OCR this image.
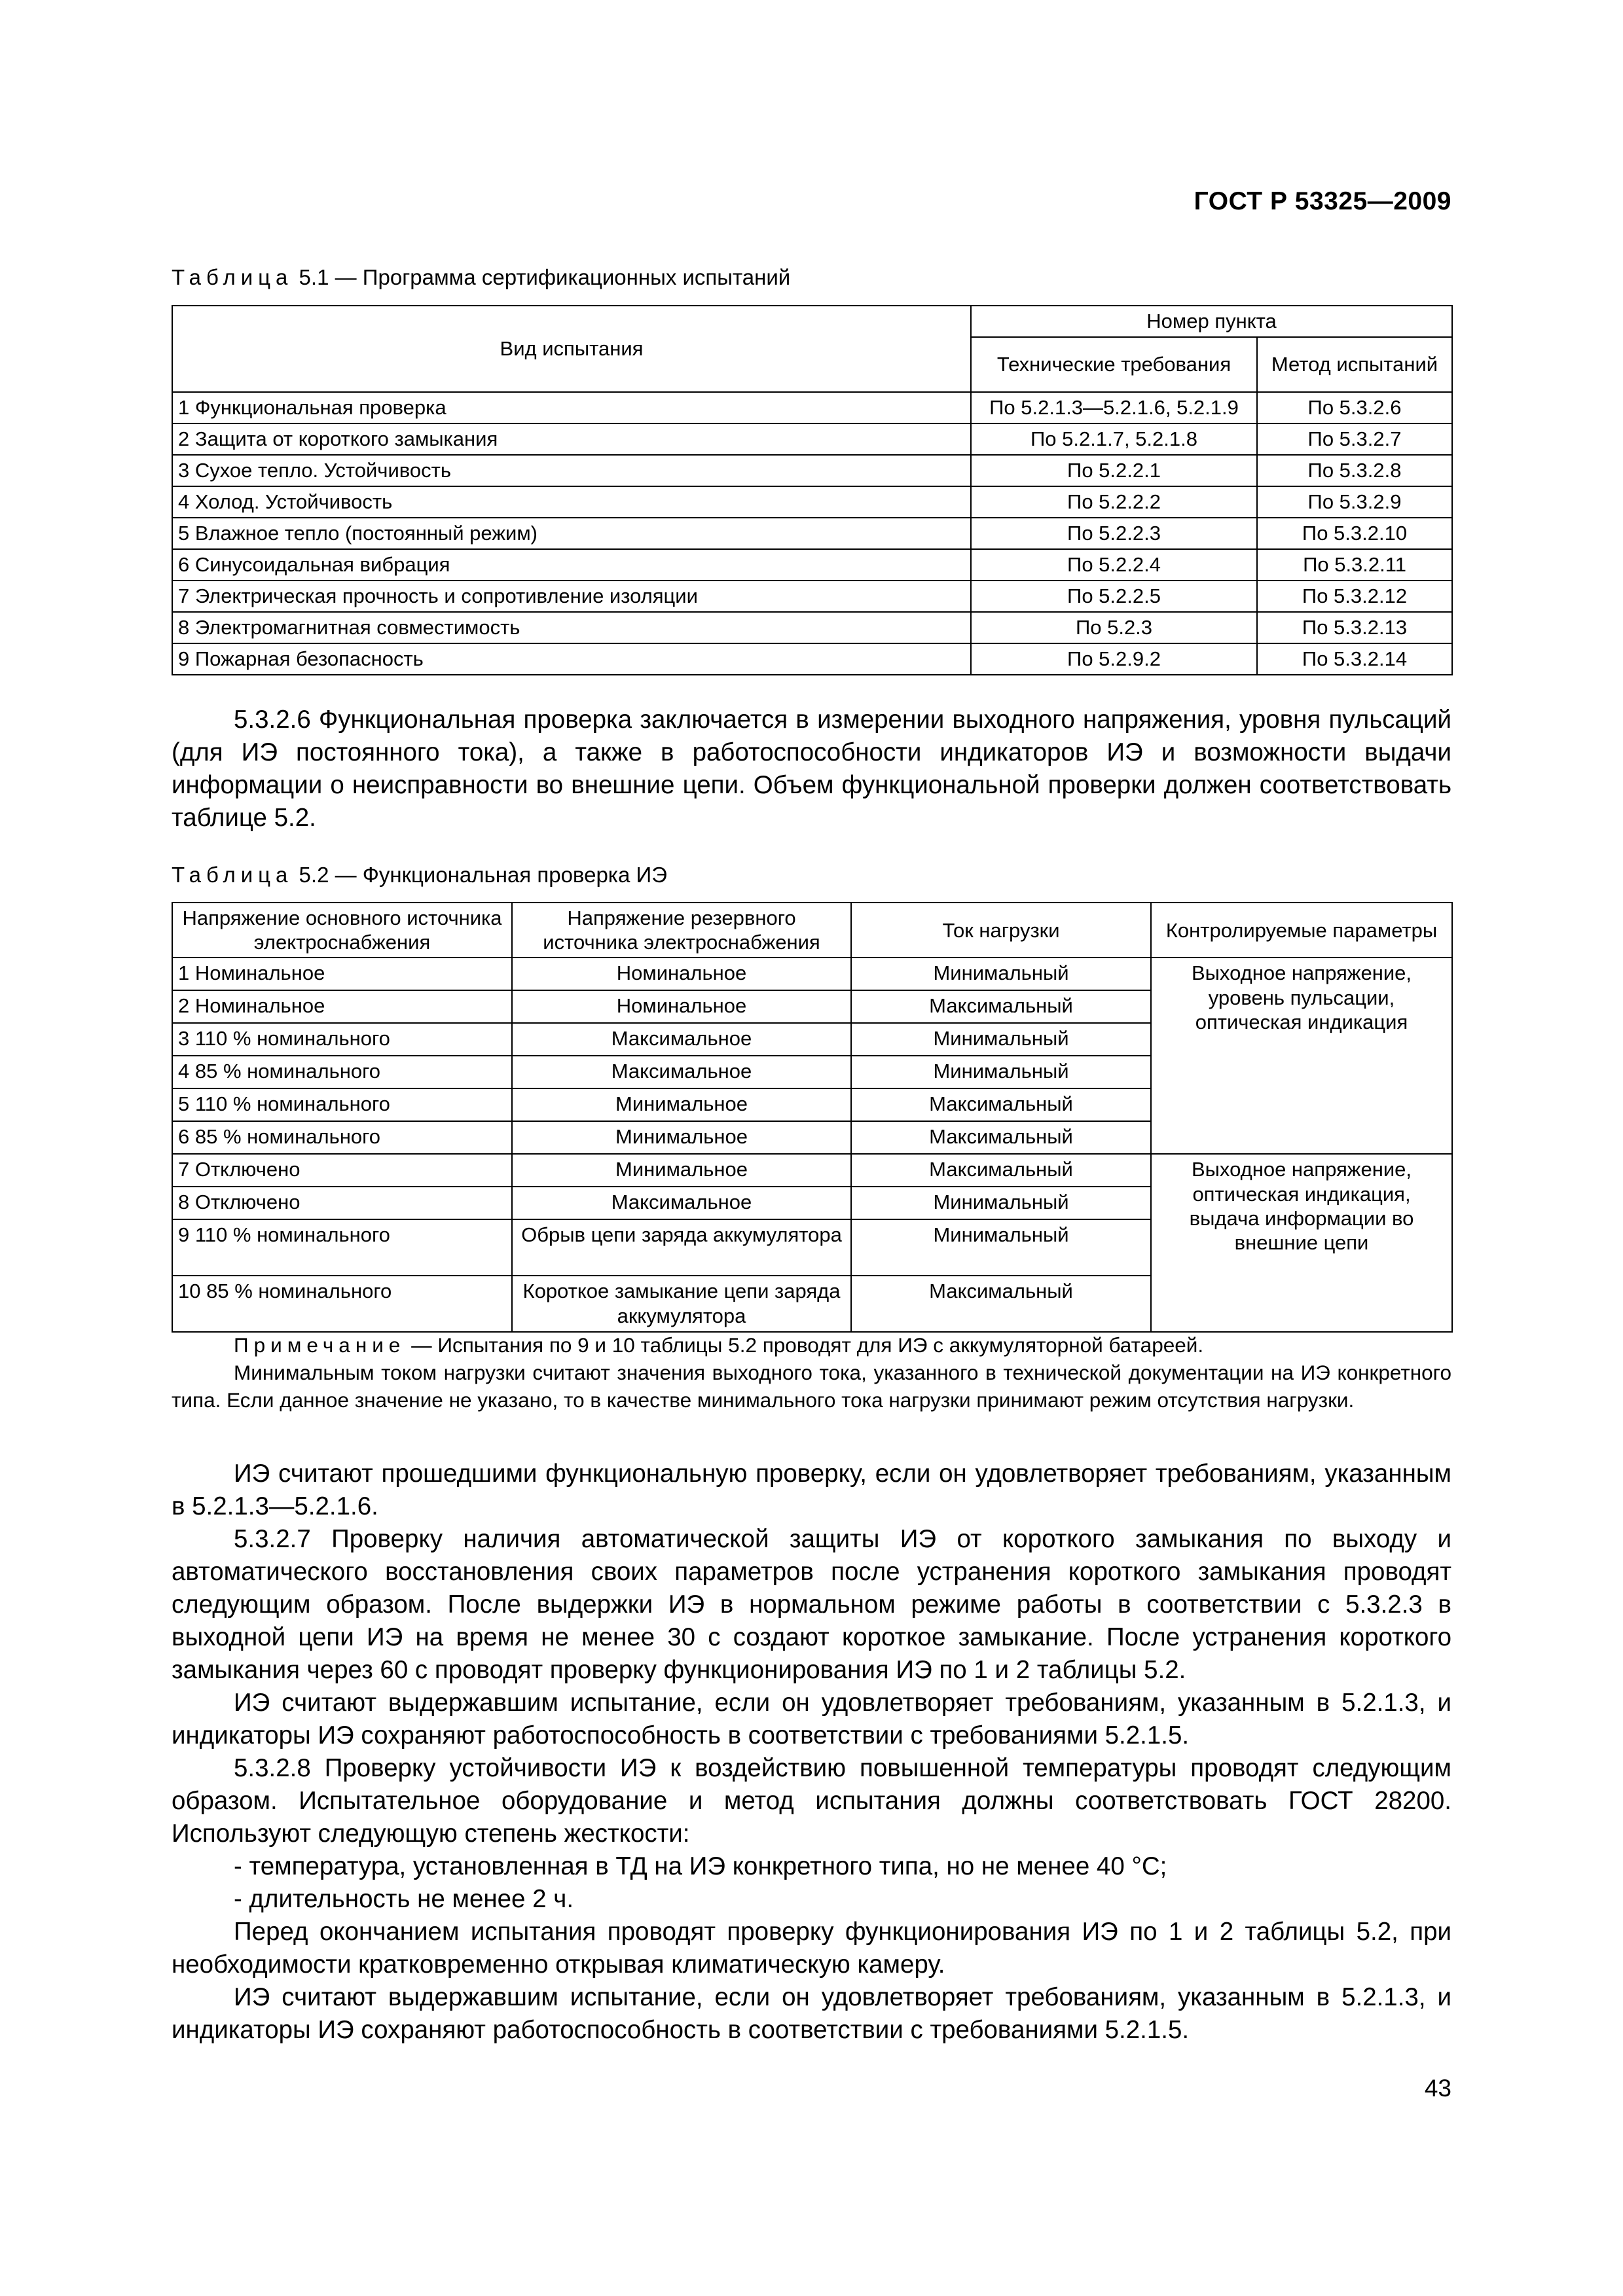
ГОСТ Р 53325—2009
Таблица 5.1 — Программа сертификационных испытаний
Вид испытания	Номер пункта	
	Технические требования	Метод испытаний
1 Функциональная проверка	По 5.2.1.3—5.2.1.6, 5.2.1.9	По 5.3.2.6
2 Защита от короткого замыкания	По 5.2.1.7, 5.2.1.8	По 5.3.2.7
3 Сухое тепло. Устойчивость	По 5.2.2.1	По 5.3.2.8
4 Холод. Устойчивость	По 5.2.2.2	По 5.3.2.9
5 Влажное тепло (постоянный режим)	По 5.2.2.3	По 5.3.2.10
6 Синусоидальная вибрация	По 5.2.2.4	По 5.3.2.11
7 Электрическая прочность и сопротивление изоляции	По 5.2.2.5	По 5.3.2.12
8 Электромагнитная совместимость	По 5.2.3	По 5.3.2.13
9 Пожарная безопасность	По 5.2.9.2	По 5.3.2.14

5.3.2.6 Функциональная проверка заключается в измерении выходного напряжения, уровня пульсаций (для ИЭ постоянного тока), а также в работоспособности индикаторов ИЭ и возможности выдачи информации о неисправности во внешние цепи. Объем функциональной проверки должен соответствовать таблице 5.2.

Таблица 5.2 — Функциональная проверка ИЭ
Напряжение основного источника электроснабжения	Напряжение резервного источника электроснабжения	Ток нагрузки	Контролируемые параметры
1 Номинальное	Номинальное	Минимальный	Выходное напряжение, уровень пульсации, оптическая индикация
2 Номинальное	Номинальное	Максимальный	
3 110 % номинального	Максимальное	Минимальный	
4 85 % номинального	Максимальное	Минимальный	
5 110 % номинального	Минимальное	Максимальный	
6 85 % номинального	Минимальное	Максимальный	
7 Отключено	Минимальное	Максимальный	Выходное напряжение, оптическая индикация, выдача информации во внешние цепи
8 Отключено	Максимальное	Минимальный	
9 110 % номинального	Обрыв цепи заряда аккумулятора	Минимальный	
10 85 % номинального	Короткое замыкание цепи заряда аккумулятора	Максимальный	

Примечание — Испытания по 9 и 10 таблицы 5.2 проводят для ИЭ с аккумуляторной батареей.

Минимальным током нагрузки считают значения выходного тока, указанного в технической документации на ИЭ конкретного типа. Если данное значение не указано, то в качестве минимального тока нагрузки принимают режим отсутствия нагрузки.

ИЭ считают прошедшими функциональную проверку, если он удовлетворяет требованиям, указанным в 5.2.1.3—5.2.1.6.

5.3.2.7 Проверку наличия автоматической защиты ИЭ от короткого замыкания по выходу и автоматического восстановления своих параметров после устранения короткого замыкания проводят следующим образом. После выдержки ИЭ в нормальном режиме работы в соответствии с 5.3.2.3 в выходной цепи ИЭ на время не менее 30 с создают короткое замыкание. После устранения короткого замыкания через 60 с проводят проверку функционирования ИЭ по 1 и 2 таблицы 5.2.

ИЭ считают выдержавшим испытание, если он удовлетворяет требованиям, указанным в 5.2.1.3, и индикаторы ИЭ сохраняют работоспособность в соответствии с требованиями 5.2.1.5.

5.3.2.8 Проверку устойчивости ИЭ к воздействию повышенной температуры проводят следующим образом. Испытательное оборудование и метод испытания должны соответствовать ГОСТ 28200. Используют следующую степень жесткости:

- температура, установленная в ТД на ИЭ конкретного типа, но не менее 40 °С;

- длительность не менее 2 ч.

Перед окончанием испытания проводят проверку функционирования ИЭ по 1 и 2 таблицы 5.2, при необходимости кратковременно открывая климатическую камеру.

ИЭ считают выдержавшим испытание, если он удовлетворяет требованиям, указанным в 5.2.1.3, и индикаторы ИЭ сохраняют работоспособность в соответствии с требованиями 5.2.1.5.

43
